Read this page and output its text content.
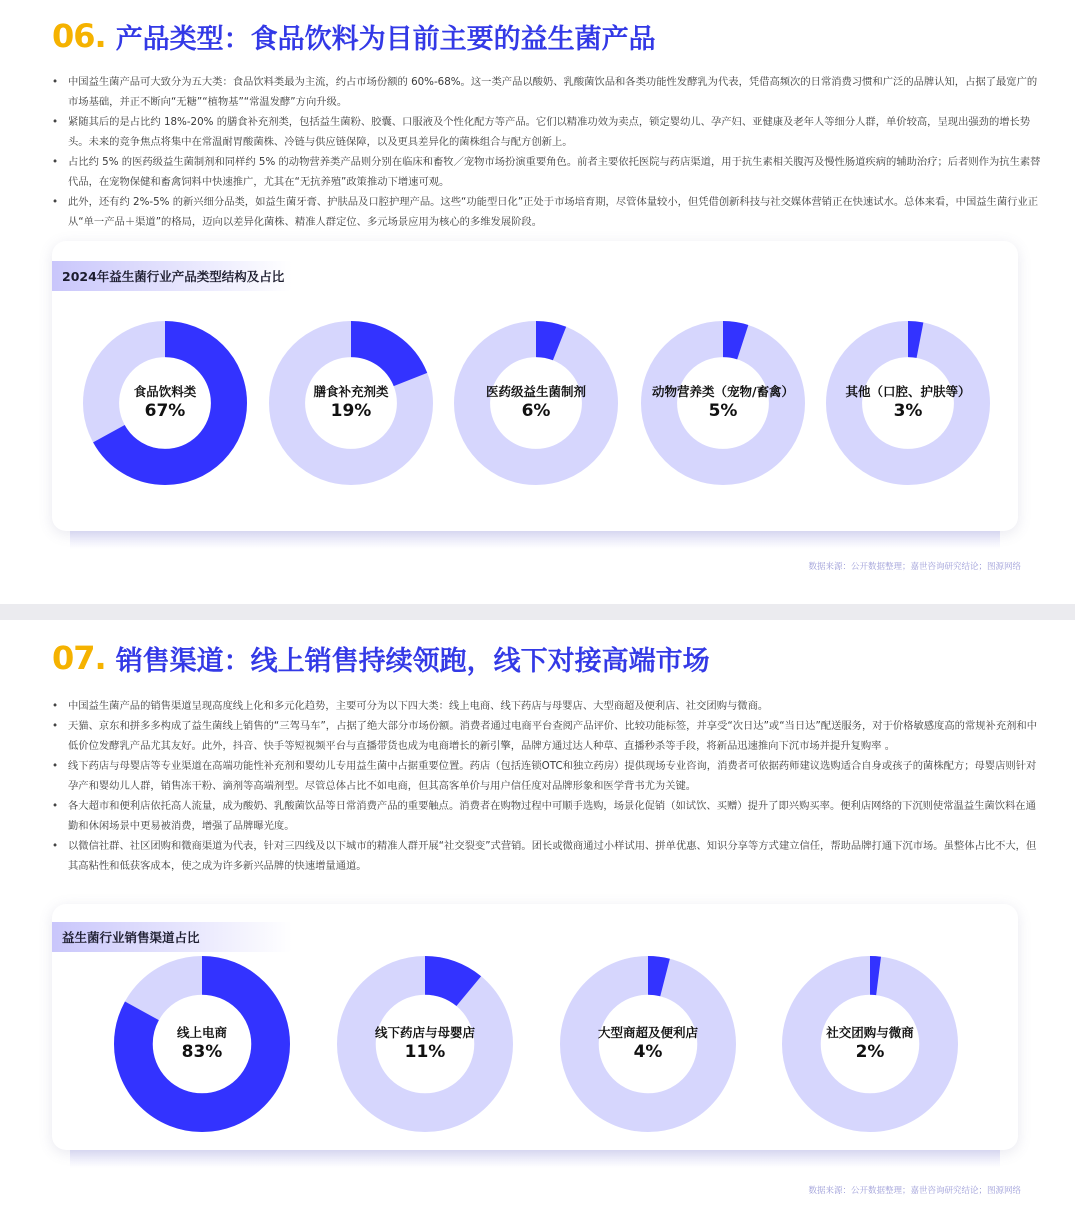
06. 产品类型：食品饮料为目前主要的益生菌产品
• 中国益生菌产品可大致分为五大类：食品饮料类最为主流，约占市场份额的 60%-68%。这一类产品以酸奶、乳酸菌饮品和各类功能性发酵乳为代表，凭借高频次的日常消费习惯和广泛的品牌认知，占据了最宽广的市场基础，并正不断向“无糖”“植物基”“常温发酵”方向升级。
• 紧随其后的是占比约 18%-20% 的膳食补充剂类，包括益生菌粉、胶囊、口服液及个性化配方等产品。它们以精准功效为卖点，锁定婴幼儿、孕产妇、亚健康及老年人等细分人群，单价较高，呈现出强劲的增长势头。未来的竞争焦点将集中在常温耐胃酸菌株、冷链与供应链保障，以及更具差异化的菌株组合与配方创新上。
• 占比约 5% 的医药级益生菌制剂和同样约 5% 的动物营养类产品则分别在临床和畜牧／宠物市场扮演重要角色。前者主要依托医院与药店渠道，用于抗生素相关腹泻及慢性肠道疾病的辅助治疗；后者则作为抗生素替代品，在宠物保健和畜禽饲料中快速推广，尤其在“无抗养殖”政策推动下增速可观。
• 此外，还有约 2%-5% 的新兴细分品类，如益生菌牙膏、护肤品及口腔护理产品。这些“功能型日化”正处于市场培育期，尽管体量较小，但凭借创新科技与社交媒体营销正在快速试水。总体来看，中国益生菌行业正从“单一产品＋渠道”的格局，迈向以差异化菌株、精准人群定位、多元场景应用为核心的多维发展阶段。
2024年益生菌行业产品类型结构及占比
食品饮料类
67%
膳食补充剂类
19%
医药级益生菌制剂
6%
动物营养类（宠物/畜禽）
5%
其他（口腔、护肤等）
3%
数据来源：公开数据整理；嘉世咨询研究结论；图源网络
07. 销售渠道：线上销售持续领跑，线下对接高端市场
• 中国益生菌产品的销售渠道呈现高度线上化和多元化趋势，主要可分为以下四大类：线上电商、线下药店与母婴店、大型商超及便利店、社交团购与微商。
• 天猫、京东和拼多多构成了益生菌线上销售的“三驾马车”，占据了绝大部分市场份额。消费者通过电商平台查阅产品评价、比较功能标签，并享受“次日达”或“当日达”配送服务，对于价格敏感度高的常规补充剂和中低价位发酵乳产品尤其友好。此外，抖音、快手等短视频平台与直播带货也成为电商增长的新引擎，品牌方通过达人种草、直播秒杀等手段，将新品迅速推向下沉市场并提升复购率 。
• 线下药店与母婴店等专业渠道在高端功能性补充剂和婴幼儿专用益生菌中占据重要位置。药店（包括连锁OTC和独立药房）提供现场专业咨询，消费者可依据药师建议选购适合自身或孩子的菌株配方；母婴店则针对孕产和婴幼儿人群，销售冻干粉、滴剂等高端剂型。尽管总体占比不如电商，但其高客单价与用户信任度对品牌形象和医学背书尤为关键。
• 各大超市和便利店依托高人流量，成为酸奶、乳酸菌饮品等日常消费产品的重要触点。消费者在购物过程中可顺手选购，场景化促销（如试饮、买赠）提升了即兴购买率。便利店网络的下沉则使常温益生菌饮料在通勤和休闲场景中更易被消费，增强了品牌曝光度。
• 以微信社群、社区团购和微商渠道为代表，针对三四线及以下城市的精准人群开展“社交裂变”式营销。团长或微商通过小样试用、拼单优惠、知识分享等方式建立信任，帮助品牌打通下沉市场。虽整体占比不大，但其高粘性和低获客成本，使之成为许多新兴品牌的快速增量通道。
益生菌行业销售渠道占比
线上电商
83%
线下药店与母婴店
11%
大型商超及便利店
4%
社交团购与微商
2%
数据来源：公开数据整理；嘉世咨询研究结论；图源网络
